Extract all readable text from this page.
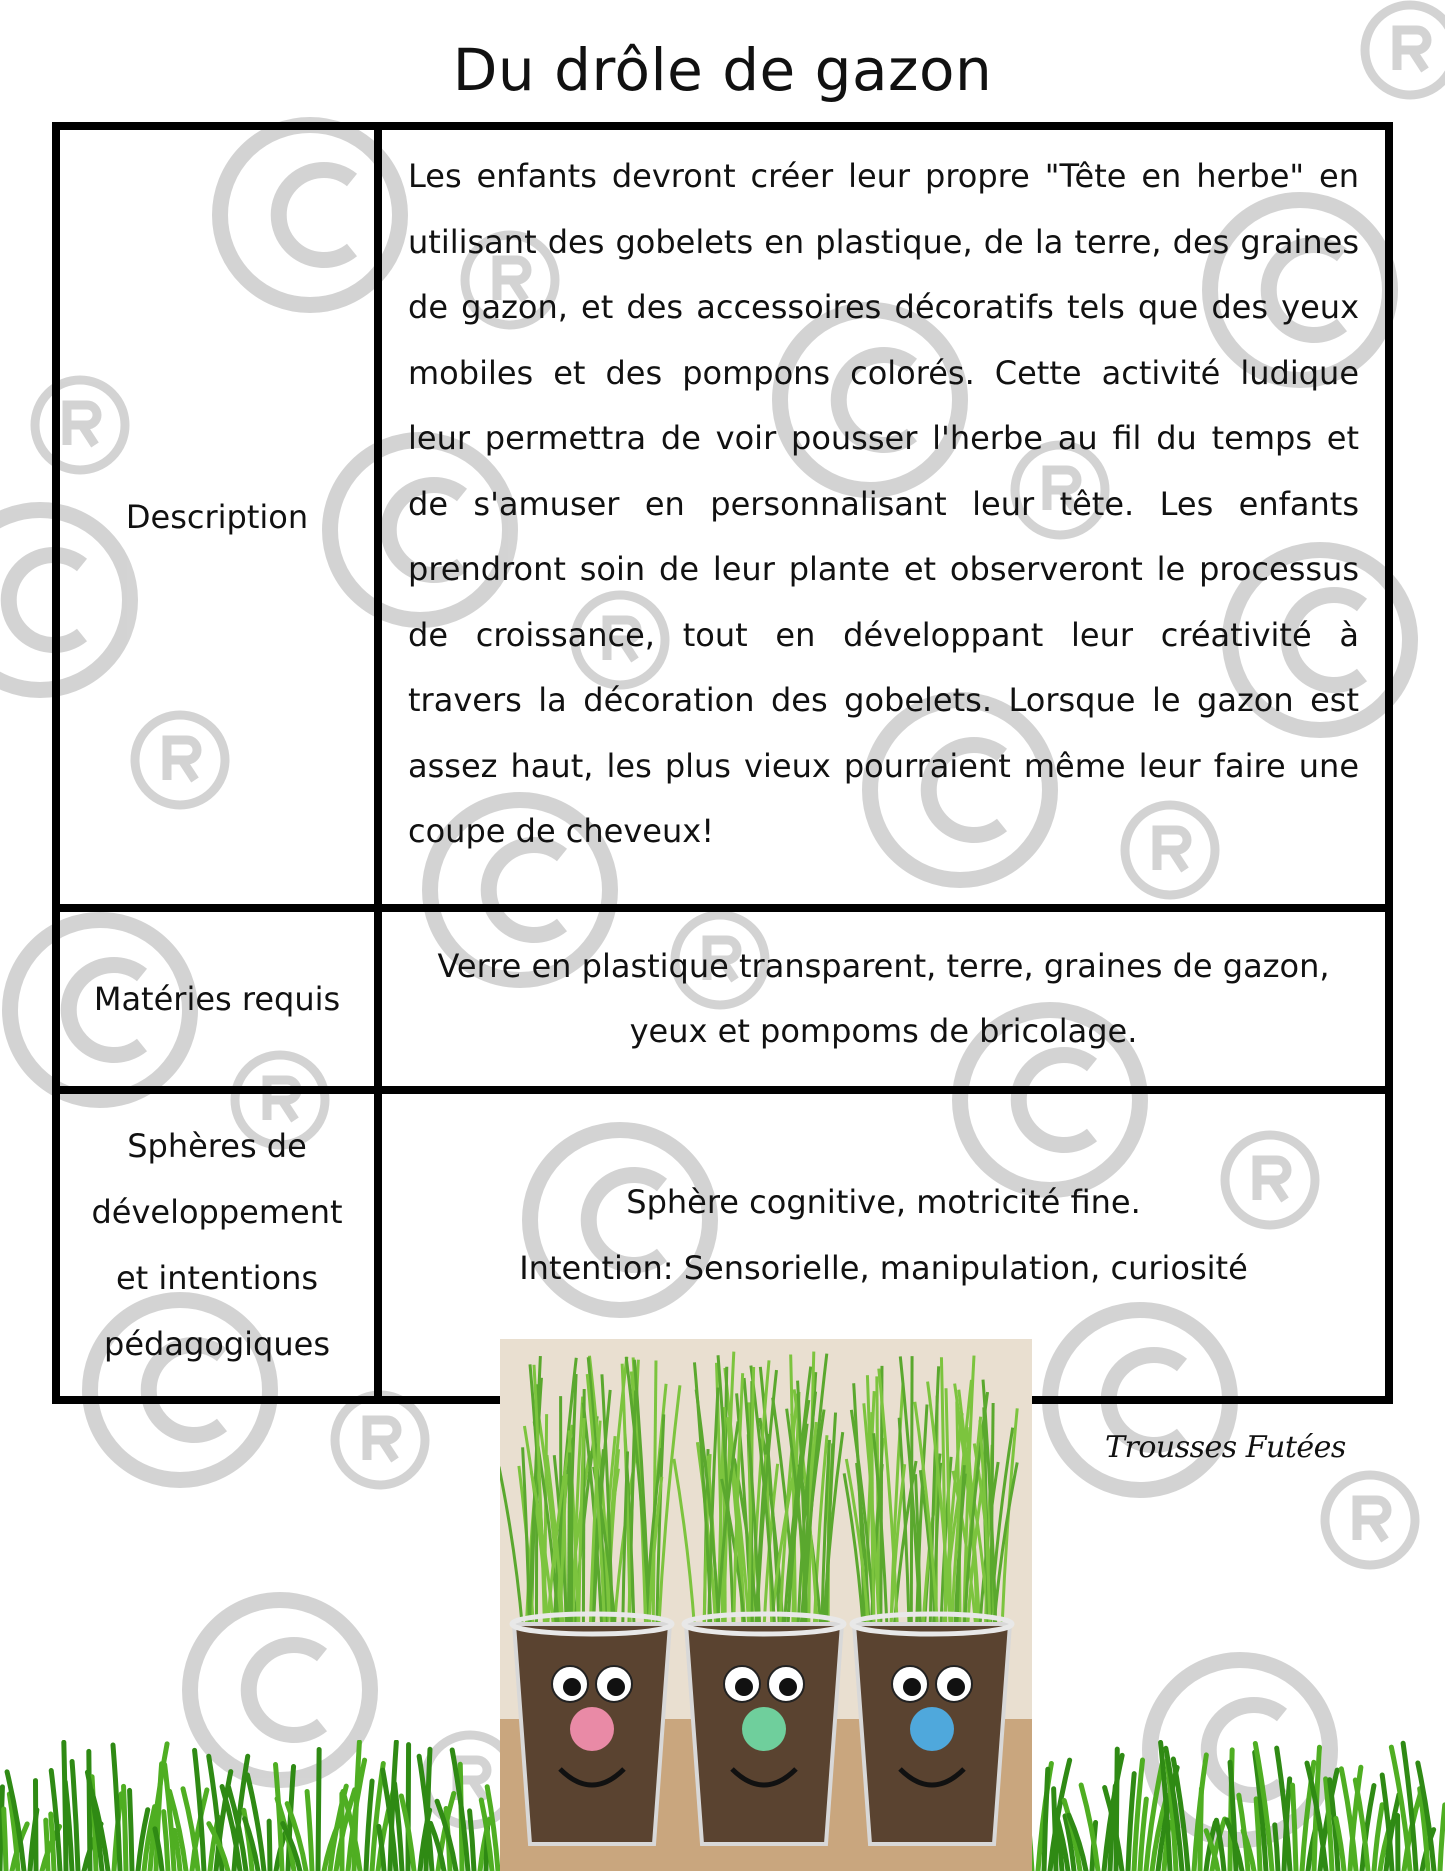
Du drôle de gazon
Description
Les enfants devront créer leur propre "Tête en herbe" en utilisant des gobelets en plastique, de la terre, des graines de gazon, et des accessoires décoratifs tels que des yeux mobiles et des pompons colorés. Cette activité ludique leur permettra de voir pousser l'herbe au fil du temps et de s'amuser en personnalisant leur tête. Les enfants prendront soin de leur plante et observeront le processus de croissance, tout en développant leur créativité à travers la décoration des gobelets. Lorsque le gazon est assez haut, les plus vieux pourraient même leur faire une coupe de cheveux!
Matéries requis
Verre en plastique transparent, terre, graines de gazon, yeux et pompoms de bricolage.
Sphères de développement et intentions pédagogiques
Sphère cognitive, motricité fine.
Intention: Sensorielle, manipulation, curiosité
Trousses Futées
